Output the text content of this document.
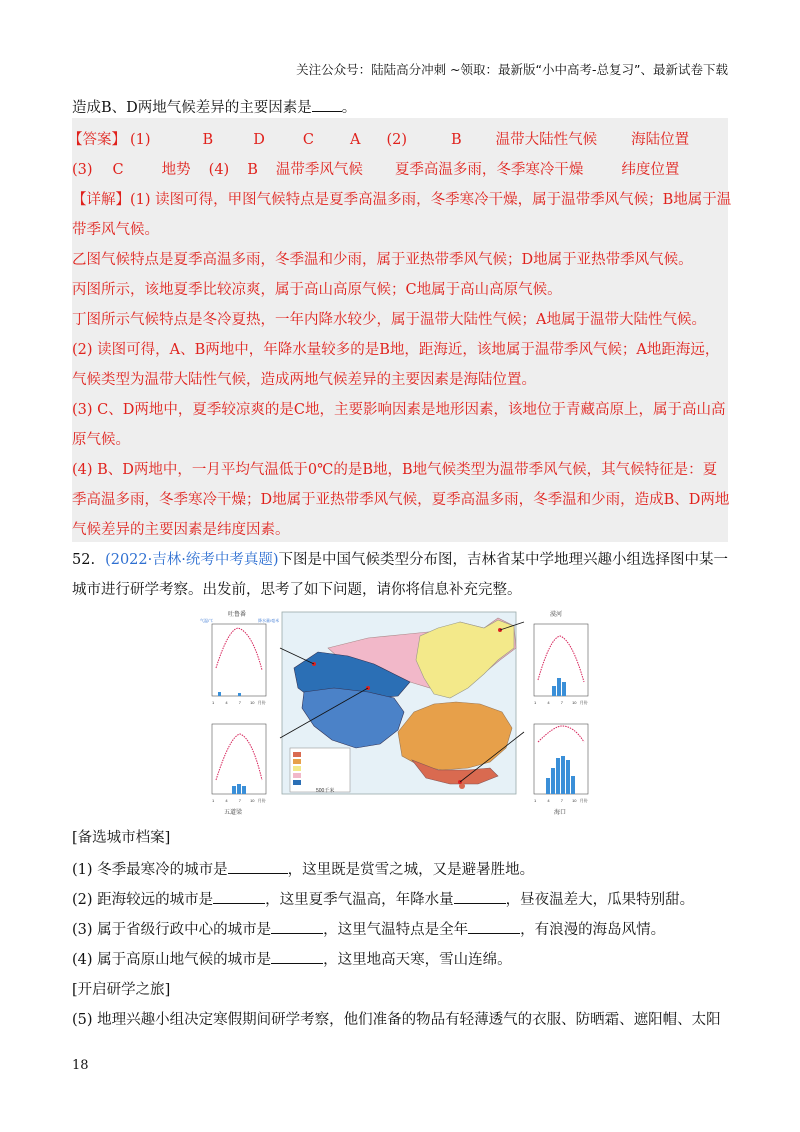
关注公众号：陆陆高分冲刺 ~领取：最新版“小中高考-总复习”、最新试卷下载
造成B、D两地气候差异的主要因素是 。
【答案】 (1)	B	D	C A (2)	B 温带大陆性气候 海陆位置
(3) C	地势 (4) B 温带季风气候 夏季高温多雨，冬季寒冷干燥	纬度位置
【详解】(1) 读图可得，甲图气候特点是夏季高温多雨，冬季寒冷干燥，属于温带季风气候；B地属于温
带季风气候。
乙图气候特点是夏季高温多雨，冬季温和少雨，属于亚热带季风气候；D地属于亚热带季风气候。
丙图所示，该地夏季比较凉爽，属于高山高原气候；C地属于高山高原气候。
丁图所示气候特点是冬冷夏热，一年内降水较少，属于温带大陆性气候；A地属于温带大陆性气候。
(2) 读图可得，A、B两地中，年降水量较多的是B地，距海近，该地属于温带季风气候；A地距海远，
气候类型为温带大陆性气候，造成两地气候差异的主要因素是海陆位置。
(3) C、D两地中，夏季较凉爽的是C地，主要影响因素是地形因素，该地位于青藏高原上，属于高山高
原气候。
(4) B、D两地中，一月平均气温低于0℃的是B地，B地气候类型为温带季风气候，其气候特征是：夏
季高温多雨，冬季寒冷干燥；D地属于亚热带季风气候，夏季高温多雨，冬季温和少雨，造成B、D两地
气候差异的主要因素是纬度因素。
52. (2022·吉林·统考中考真题)下图是中国气候类型分布图，吉林省某中学地理兴趣小组选择图中某一
城市进行研学考察。出发前，思考了如下问题，请你将信息补充完整。
500千米
吐鲁番
气温/℃	降水量/毫米
1	4	7 10 月份
1	4	7 10 月份
五道梁
漠河
1	4	7 10 月份
1	4	7 10 月份
海口
[备选城市档案]
(1) 冬季最寒冷的城市是	，这里既是赏雪之城，又是避暑胜地。
(2) 距海较远的城市是	，这里夏季气温高，年降水量	，昼夜温差大，瓜果特别甜。
(3) 属于省级行政中心的城市是	，这里气温特点是全年	，有浪漫的海岛风情。
(4) 属于高原山地气候的城市是	，这里地高天寒，雪山连绵。
[开启研学之旅]
(5) 地理兴趣小组决定寒假期间研学考察，他们准备的物品有轻薄透气的衣服、防晒霜、遮阳帽、太阳
18
